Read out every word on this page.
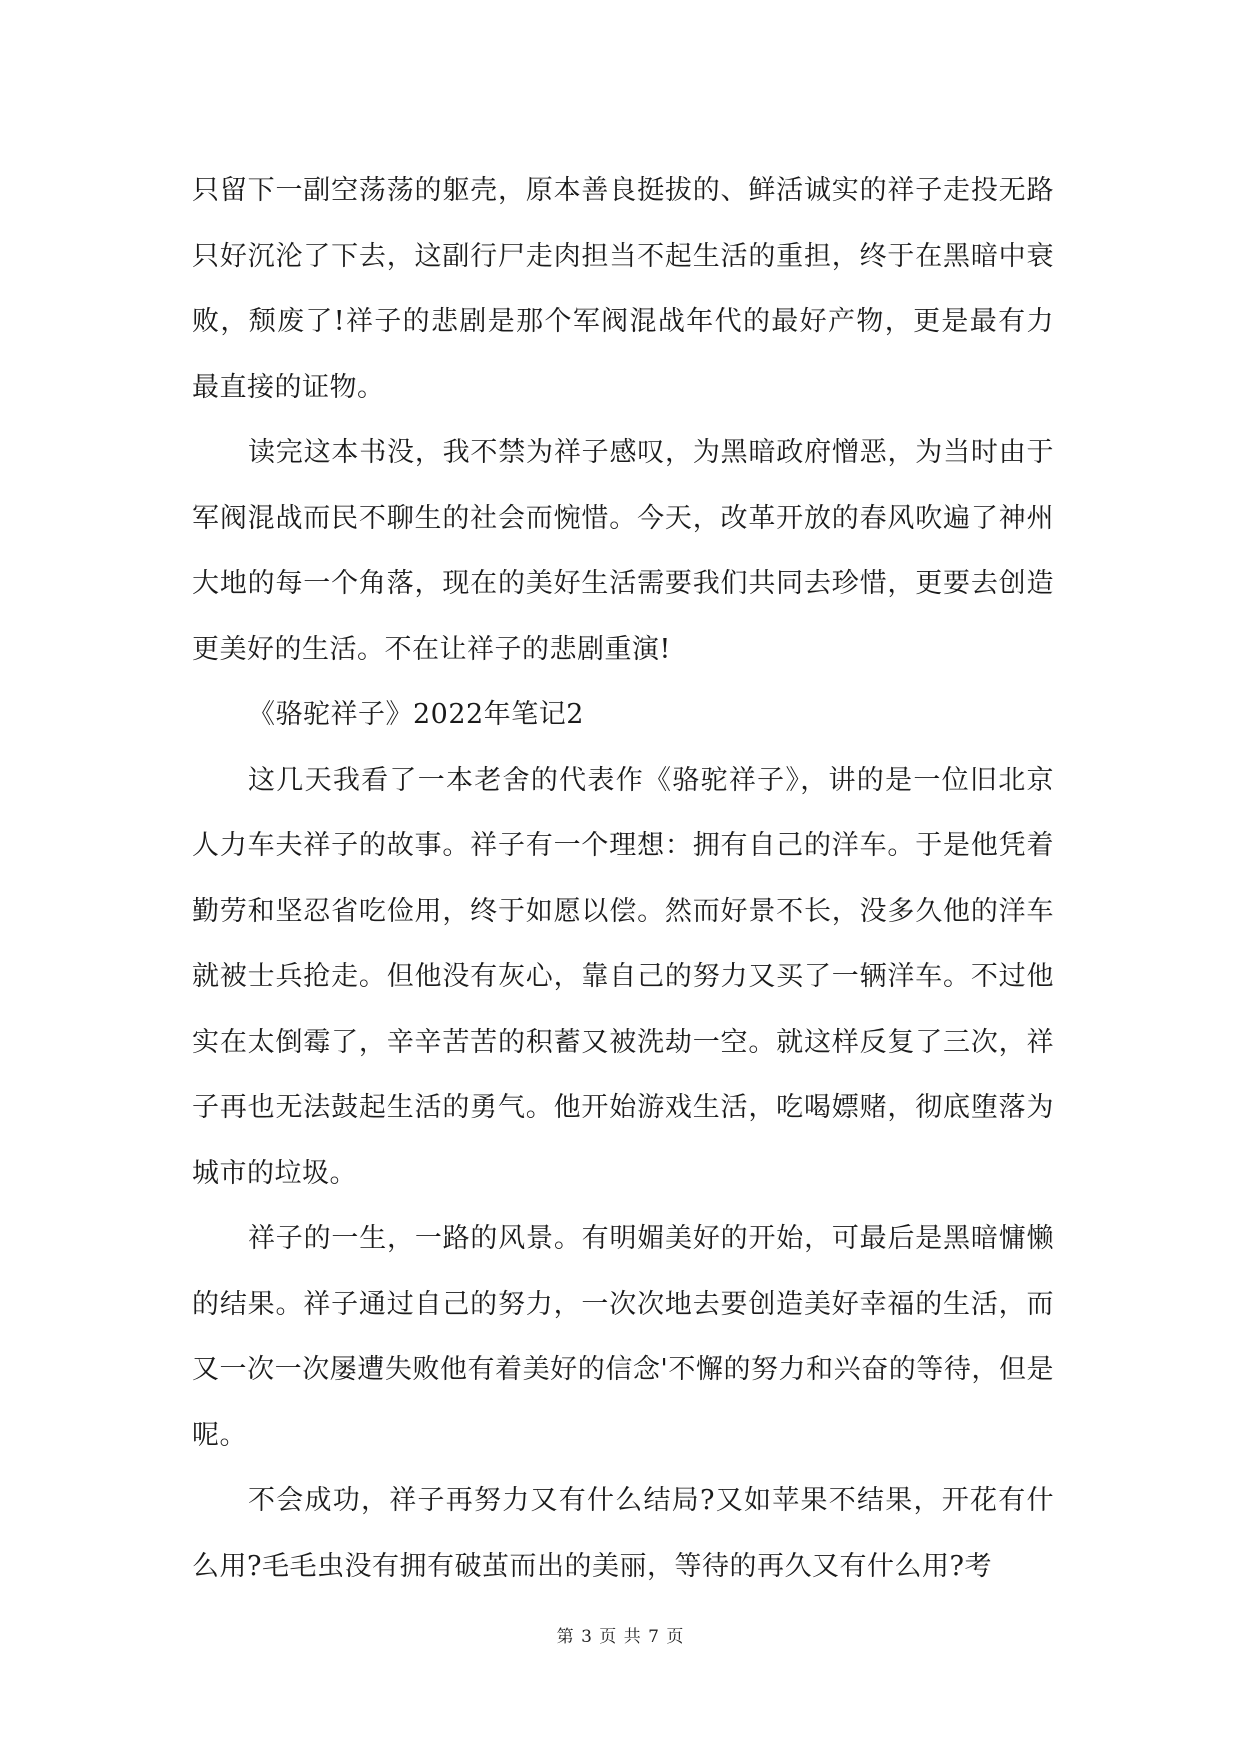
只留下一副空荡荡的躯壳，原本善良挺拔的、鲜活诚实的祥子走投无路只好沉沦了下去，这副行尸走肉担当不起生活的重担，终于在黑暗中衰败，颓废了!祥子的悲剧是那个军阀混战年代的最好产物，更是最有力最直接的证物。

读完这本书没，我不禁为祥子感叹，为黑暗政府憎恶，为当时由于军阀混战而民不聊生的社会而惋惜。今天，改革开放的春风吹遍了神州大地的每一个角落，现在的美好生活需要我们共同去珍惜，更要去创造更美好的生活。不在让祥子的悲剧重演!

《骆驼祥子》2022年笔记2

这几天我看了一本老舍的代表作《骆驼祥子》，讲的是一位旧北京人力车夫祥子的故事。祥子有一个理想：拥有自己的洋车。于是他凭着勤劳和坚忍省吃俭用，终于如愿以偿。然而好景不长，没多久他的洋车就被士兵抢走。但他没有灰心，靠自己的努力又买了一辆洋车。不过他实在太倒霉了，辛辛苦苦的积蓄又被洗劫一空。就这样反复了三次，祥子再也无法鼓起生活的勇气。他开始游戏生活，吃喝嫖赌，彻底堕落为城市的垃圾。

祥子的一生，一路的风景。有明媚美好的开始，可最后是黑暗慵懒的结果。祥子通过自己的努力，一次次地去要创造美好幸福的生活，而又一次一次屡遭失败他有着美好的信念'不懈的努力和兴奋的等待，但是呢。

不会成功，祥子再努力又有什么结局?又如苹果不结果，开花有什么用?毛毛虫没有拥有破茧而出的美丽，等待的再久又有什么用?考

第 3 页 共 7 页
